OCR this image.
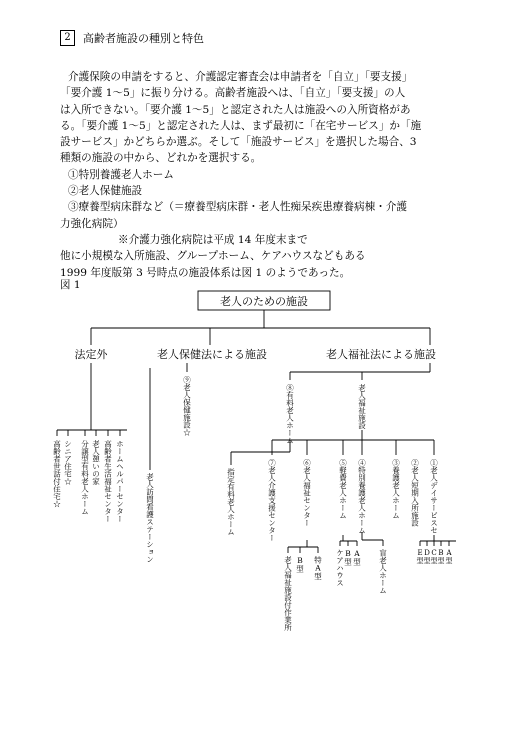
2	高齢者施設の種別と特色

介護保険の申請をすると、介護認定審査会は申請者を「自立」「要支援」

「要介護 1～5」に振り分ける。高齢者施設へは、「自立」「要支援」の人

は入所できない。「要介護 1～5」と認定された人は施設への入所資格があ

る。「要介護 1～5」と認定された人は、まず最初に「在宅サービス」か「施

設サービス」かどちらか選ぶ。そして「施設サービス」を選択した場合、3

種類の施設の中から、どれかを選択する。

①特別養護老人ホーム

②老人保健施設

③療養型病床群など（＝療養型病床群・老人性痴呆疾患療養病棟・介護

力強化病院）

※介護力強化病院は平成 14 年度末まで

他に小規模な入所施設、グループホーム、ケアハウスなどもある

1999 年度版第 3 号時点の施設体系は図 1 のようであった。

図 1
老人のための施設
法定外	老人保健法による施設	老人福祉法による施設
ホームヘルパーセンター
高齢者生活福祉センター
老人憩いの家
分譲型有料老人ホーム
シニア住宅☆
高齢者世話付住宅☆	老人訪問看護ステーション
⑨老人保健施設☆	⑧有料老人ホーム
指定有料老人ホーム
老人福祉施設
⑦老人介護支援センター	⑥老人福祉センター	⑤軽費老人ホーム ④特別養護老人ホーム	③養護老人ホーム ②老人短期入所施設 ①老人デイサービスセ
特A型
B型
老人福祉施設付作業所	A型
B型
ケアハウス	盲老人ホーム	A型
B型
C型
D型
E型
